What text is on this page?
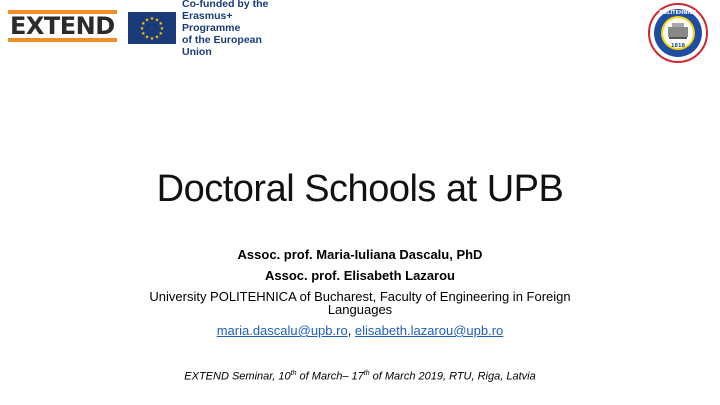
EXTEND	★ ★
★
★
★
★
★
★
★
★
★
★
Co-funded by the
Erasmus+ Programme
of the European Union
POLITEHNICA
1818
Doctoral Schools at UPB
Assoc. prof. Maria-Iuliana Dascalu, PhD
Assoc. prof. Elisabeth Lazarou
University POLITEHNICA of Bucharest, Faculty of Engineering in Foreign
Languages
maria.dascalu@upb.ro, elisabeth.lazarou@upb.ro
EXTEND Seminar, 10th of March– 17th of March 2019, RTU, Riga, Latvia
